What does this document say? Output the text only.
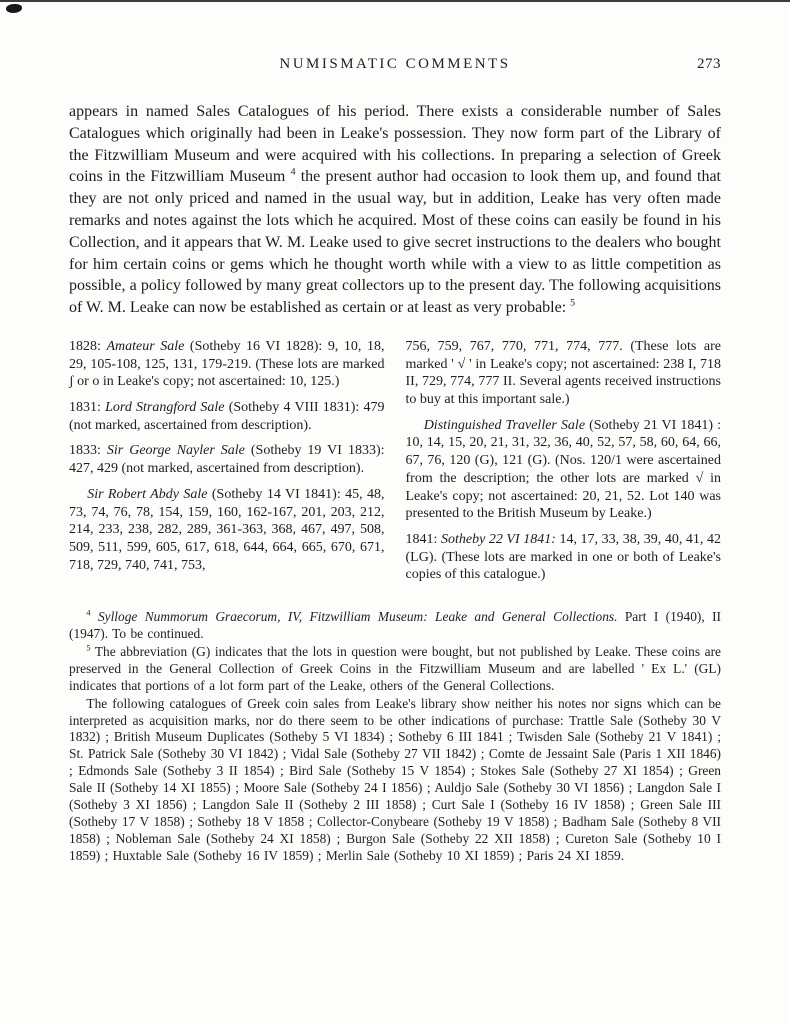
NUMISMATIC COMMENTS	273

appears in named Sales Catalogues of his period. There exists a considerable number of Sales Catalogues which originally had been in Leake's possession. They now form part of the Library of the Fitzwilliam Museum and were acquired with his collections. In preparing a selection of Greek coins in the Fitzwilliam Museum $^4$ the present author had occasion to look them up, and found that they are not only priced and named in the usual way, but in addition, Leake has very often made remarks and notes against the lots which he acquired. Most of these coins can easily be found in his Collection, and it appears that W. M. Leake used to give secret instructions to the dealers who bought for him certain coins or gems which he thought worth while with a view to as little competition as possible, a policy followed by many great collectors up to the present day. The following acquisitions of W. M. Leake can now be established as certain or at least as very probable: $^5$

1828: Amateur Sale (Sotheby 16 VI 1828): 9, 10, 18, 29, 105-108, 125, 131, 179-219. (These lots are marked ʃ or o in Leake's copy; not ascertained: 10, 125.)

1831: Lord Strangford Sale (Sotheby 4 VIII 1831): 479 (not marked, ascertained from description).

1833: Sir George Nayler Sale (Sotheby 19 VI 1833): 427, 429 (not marked, ascertained from description).

Sir Robert Abdy Sale (Sotheby 14 VI 1841): 45, 48, 73, 74, 76, 78, 154, 159, 160, 162-167, 201, 203, 212, 214, 233, 238, 282, 289, 361-363, 368, 467, 497, 508, 509, 511, 599, 605, 617, 618, 644, 664, 665, 670, 671, 718, 729, 740, 741, 753,

756, 759, 767, 770, 771, 774, 777. (These lots are marked ' √ ' in Leake's copy; not ascertained: 238 I, 718 II, 729, 774, 777 II. Several agents received instructions to buy at this important sale.)

Distinguished Traveller Sale (Sotheby 21 VI 1841) : 10, 14, 15, 20, 21, 31, 32, 36, 40, 52, 57, 58, 60, 64, 66, 67, 76, 120 (G), 121 (G). (Nos. 120/1 were ascertained from the description; the other lots are marked √ in Leake's copy; not ascertained: 20, 21, 52. Lot 140 was presented to the British Museum by Leake.)

1841: Sotheby 22 VI 1841: 14, 17, 33, 38, 39, 40, 41, 42 (LG). (These lots are marked in one or both of Leake's copies of this catalogue.)

$^4$ Sylloge Nummorum Graecorum, IV, Fitzwilliam Museum: Leake and General Collections. Part I (1940), II (1947). To be continued.

$^5$ The abbreviation (G) indicates that the lots in question were bought, but not published by Leake. These coins are preserved in the General Collection of Greek Coins in the Fitzwilliam Museum and are labelled ' Ex L.' (GL) indicates that portions of a lot form part of the Leake, others of the General Collections.

The following catalogues of Greek coin sales from Leake's library show neither his notes nor signs which can be interpreted as acquisition marks, nor do there seem to be other indications of purchase: Trattle Sale (Sotheby 30 V 1832) ; British Museum Duplicates (Sotheby 5 VI 1834) ; Sotheby 6 III 1841 ; Twisden Sale (Sotheby 21 V 1841) ; St. Patrick Sale (Sotheby 30 VI 1842) ; Vidal Sale (Sotheby 27 VII 1842) ; Comte de Jessaint Sale (Paris 1 XII 1846) ; Edmonds Sale (Sotheby 3 II 1854) ; Bird Sale (Sotheby 15 V 1854) ; Stokes Sale (Sotheby 27 XI 1854) ; Green Sale II (Sotheby 14 XI 1855) ; Moore Sale (Sotheby 24 I 1856) ; Auldjo Sale (Sotheby 30 VI 1856) ; Langdon Sale I (Sotheby 3 XI 1856) ; Langdon Sale II (Sotheby 2 III 1858) ; Curt Sale I (Sotheby 16 IV 1858) ; Green Sale III (Sotheby 17 V 1858) ; Sotheby 18 V 1858 ; Collector-Conybeare (Sotheby 19 V 1858) ; Badham Sale (Sotheby 8 VII 1858) ; Nobleman Sale (Sotheby 24 XI 1858) ; Burgon Sale (Sotheby 22 XII 1858) ; Cureton Sale (Sotheby 10 I 1859) ; Huxtable Sale (Sotheby 16 IV 1859) ; Merlin Sale (Sotheby 10 XI 1859) ; Paris 24 XI 1859.
